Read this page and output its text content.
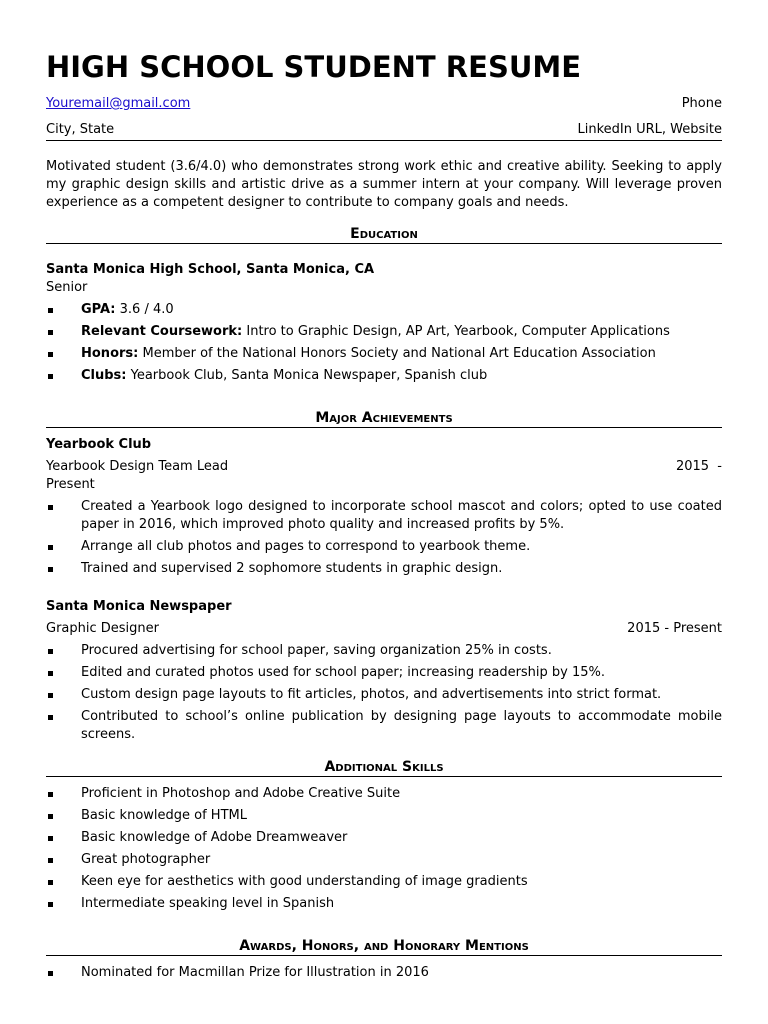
HIGH SCHOOL STUDENT RESUME
Youremail@gmail.com	Phone
City, State	LinkedIn URL, Website
Motivated student (3.6/4.0) who demonstrates strong work ethic and creative ability. Seeking to apply my graphic design skills and artistic drive as a summer intern at your company. Will leverage proven experience as a competent designer to contribute to company goals and needs.
Education
Santa Monica High School, Santa Monica, CA
Senior
GPA: 3.6 / 4.0
Relevant Coursework: Intro to Graphic Design, AP Art, Yearbook, Computer Applications
Honors: Member of the National Honors Society and National Art Education Association
Clubs: Yearbook Club, Santa Monica Newspaper, Spanish club
Major Achievements
Yearbook Club
Yearbook Design Team Lead	2015  -
Present
Created a Yearbook logo designed to incorporate school mascot and colors; opted to use coated paper in 2016, which improved photo quality and increased profits by 5%.
Arrange all club photos and pages to correspond to yearbook theme.
Trained and supervised 2 sophomore students in graphic design.
Santa Monica Newspaper
Graphic Designer	2015 - Present
Procured advertising for school paper, saving organization 25% in costs.
Edited and curated photos used for school paper; increasing readership by 15%.
Custom design page layouts to fit articles, photos, and advertisements into strict format.
Contributed to school’s online publication by designing page layouts to accommodate mobile screens.
Additional Skills
Proficient in Photoshop and Adobe Creative Suite
Basic knowledge of HTML
Basic knowledge of Adobe Dreamweaver
Great photographer
Keen eye for aesthetics with good understanding of image gradients
Intermediate speaking level in Spanish
Awards, Honors, and Honorary Mentions
Nominated for Macmillan Prize for Illustration in 2016
